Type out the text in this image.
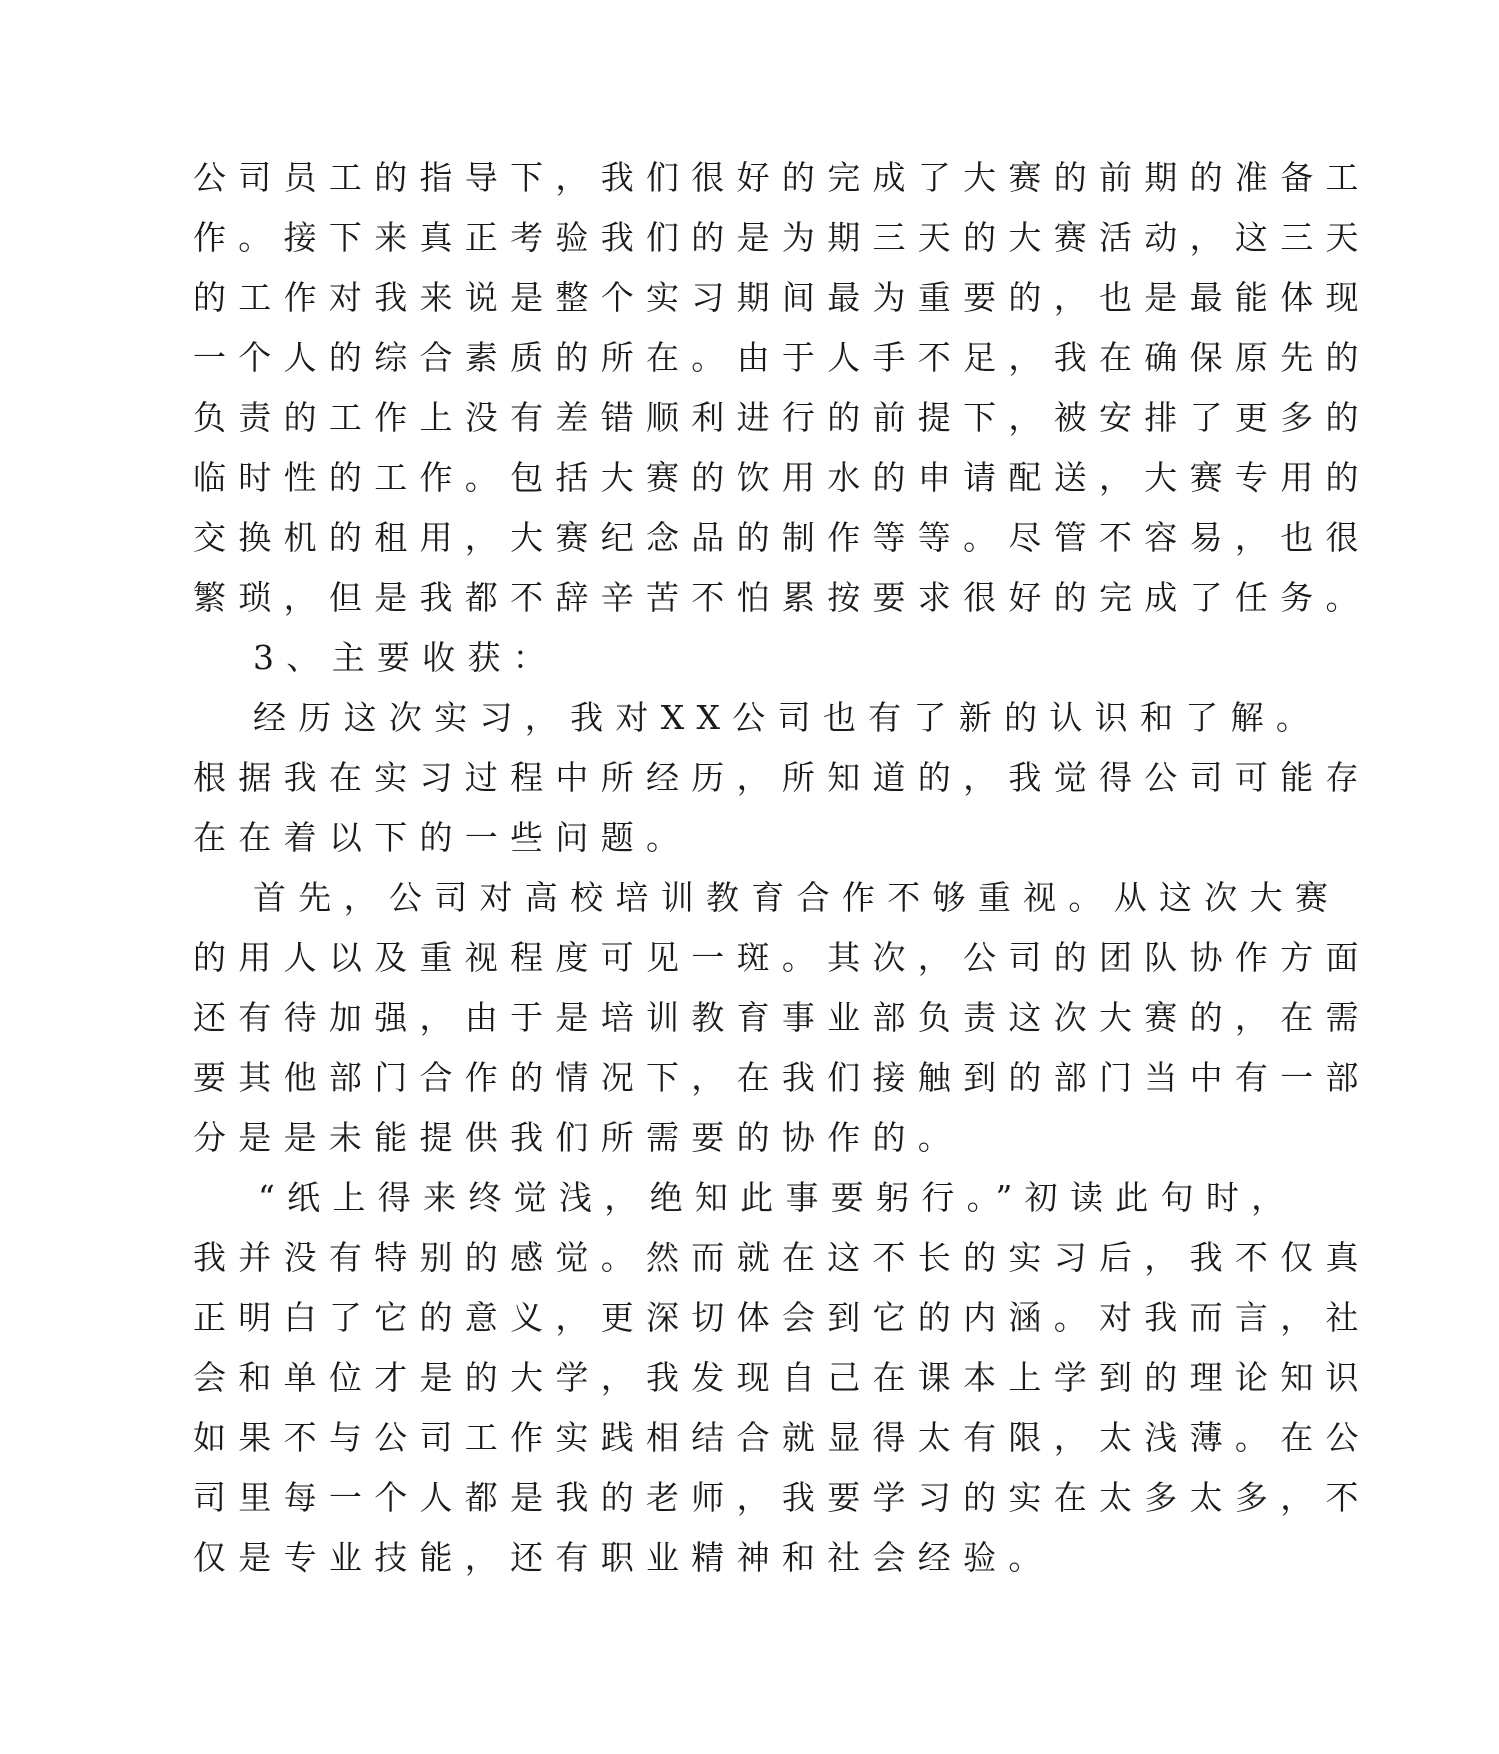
公司员工的指导下，我们很好的完成了大赛的前期的准备工
作。接下来真正考验我们的是为期三天的大赛活动，这三天
的工作对我来说是整个实习期间最为重要的，也是最能体现
一个人的综合素质的所在。由于人手不足，我在确保原先的
负责的工作上没有差错顺利进行的前提下，被安排了更多的
临时性的工作。包括大赛的饮用水的申请配送，大赛专用的
交换机的租用，大赛纪念品的制作等等。尽管不容易，也很
繁琐，但是我都不辞辛苦不怕累按要求很好的完成了任务。
3、主要收获：
经历这次实习，我对XX公司也有了新的认识和了解。
根据我在实习过程中所经历，所知道的，我觉得公司可能存
在在着以下的一些问题。
首先，公司对高校培训教育合作不够重视。从这次大赛
的用人以及重视程度可见一斑。其次，公司的团队协作方面
还有待加强，由于是培训教育事业部负责这次大赛的，在需
要其他部门合作的情况下，在我们接触到的部门当中有一部
分是是未能提供我们所需要的协作的。
“纸上得来终觉浅，绝知此事要躬行。”初读此句时，
我并没有特别的感觉。然而就在这不长的实习后，我不仅真
正明白了它的意义，更深切体会到它的内涵。对我而言，社
会和单位才是的大学，我发现自己在课本上学到的理论知识
如果不与公司工作实践相结合就显得太有限，太浅薄。在公
司里每一个人都是我的老师，我要学习的实在太多太多，不
仅是专业技能，还有职业精神和社会经验。
